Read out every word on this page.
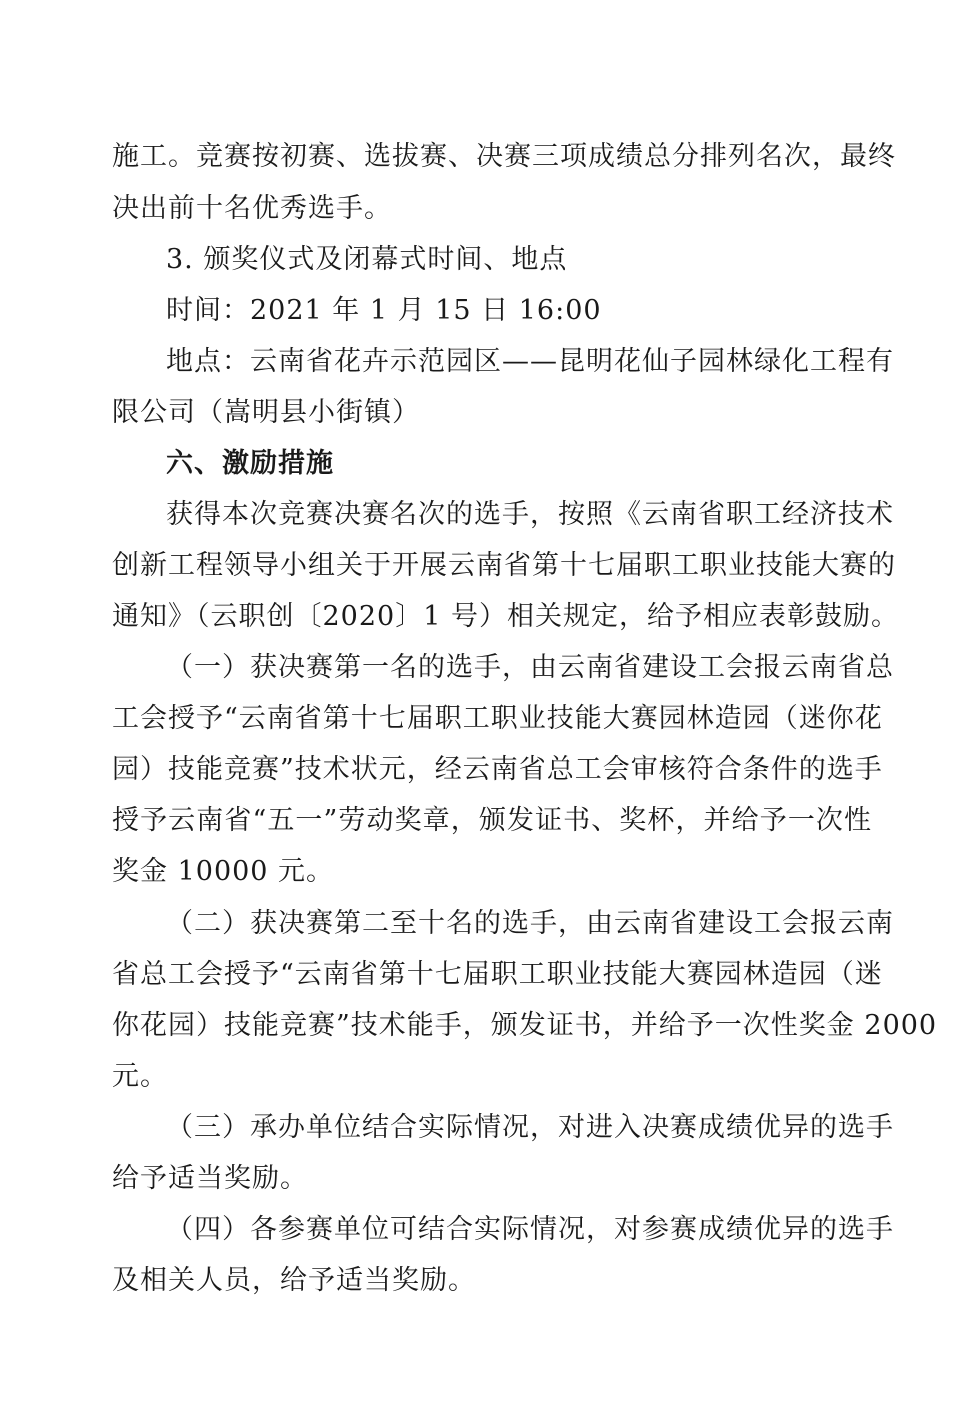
施工。竞赛按初赛、选拔赛、决赛三项成绩总分排列名次，最终

决出前十名优秀选手。

3. 颁奖仪式及闭幕式时间、地点

时间：2021 年 1 月 15 日 16:00

地点：云南省花卉示范园区——昆明花仙子园林绿化工程有

限公司（嵩明县小街镇）

六、激励措施

获得本次竞赛决赛名次的选手，按照《云南省职工经济技术

创新工程领导小组关于开展云南省第十七届职工职业技能大赛的

通知》（云职创〔2020〕1 号）相关规定，给予相应表彰鼓励。

（一）获决赛第一名的选手，由云南省建设工会报云南省总

工会授予“云南省第十七届职工职业技能大赛园林造园（迷你花

园）技能竞赛”技术状元，经云南省总工会审核符合条件的选手

授予云南省“五一”劳动奖章，颁发证书、奖杯，并给予一次性

奖金 10000 元。

（二）获决赛第二至十名的选手，由云南省建设工会报云南

省总工会授予“云南省第十七届职工职业技能大赛园林造园（迷

你花园）技能竞赛”技术能手，颁发证书，并给予一次性奖金 2000

元。

（三）承办单位结合实际情况，对进入决赛成绩优异的选手

给予适当奖励。

（四）各参赛单位可结合实际情况，对参赛成绩优异的选手

及相关人员，给予适当奖励。
